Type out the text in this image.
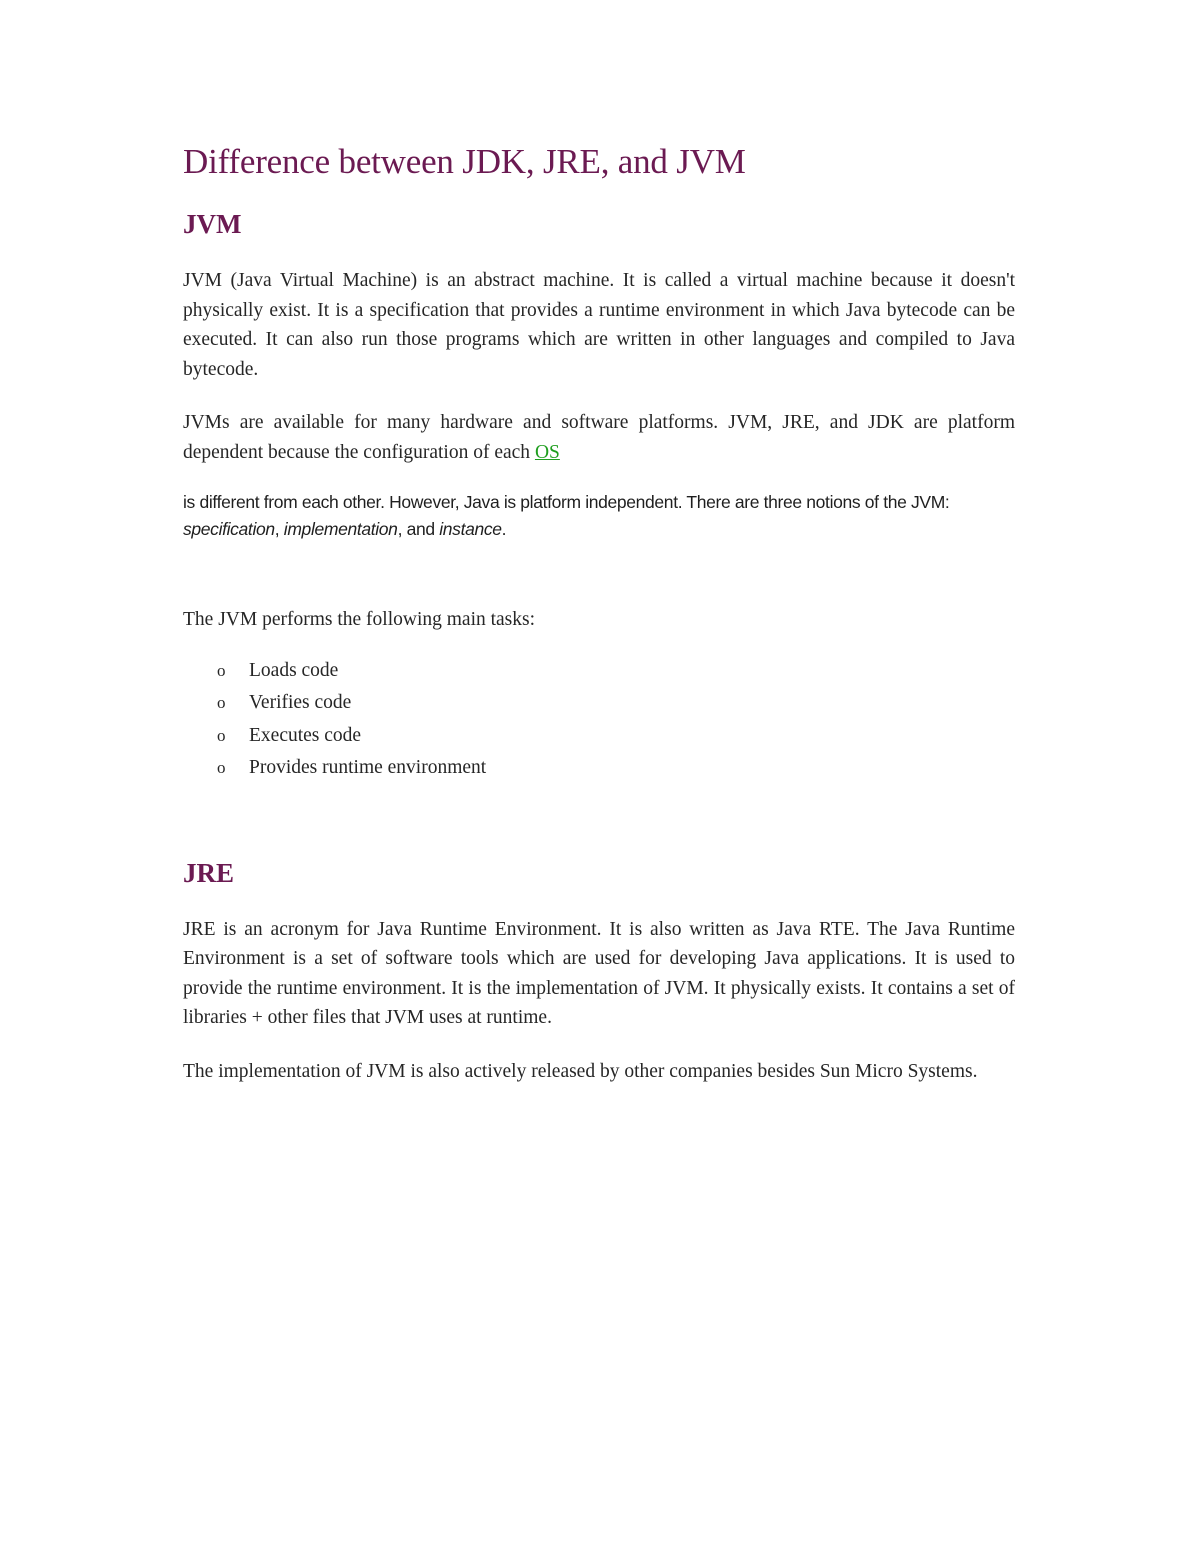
Difference between JDK, JRE, and JVM
JVM

JVM (Java Virtual Machine) is an abstract machine. It is called a virtual machine because it doesn't physically exist. It is a specification that provides a runtime environment in which Java bytecode can be executed. It can also run those programs which are written in other languages and compiled to Java bytecode.

JVMs are available for many hardware and software platforms. JVM, JRE, and JDK are platform dependent because the configuration of each OS

is different from each other. However, Java is platform independent. There are three notions of the JVM: specification, implementation, and instance.

The JVM performs the following main tasks:

o Loads code
o Verifies code
o Executes code
o Provides runtime environment
JRE

JRE is an acronym for Java Runtime Environment. It is also written as Java RTE. The Java Runtime Environment is a set of software tools which are used for developing Java applications. It is used to provide the runtime environment. It is the implementation of JVM. It physically exists. It contains a set of libraries + other files that JVM uses at runtime.

The implementation of JVM is also actively released by other companies besides Sun Micro Systems.
